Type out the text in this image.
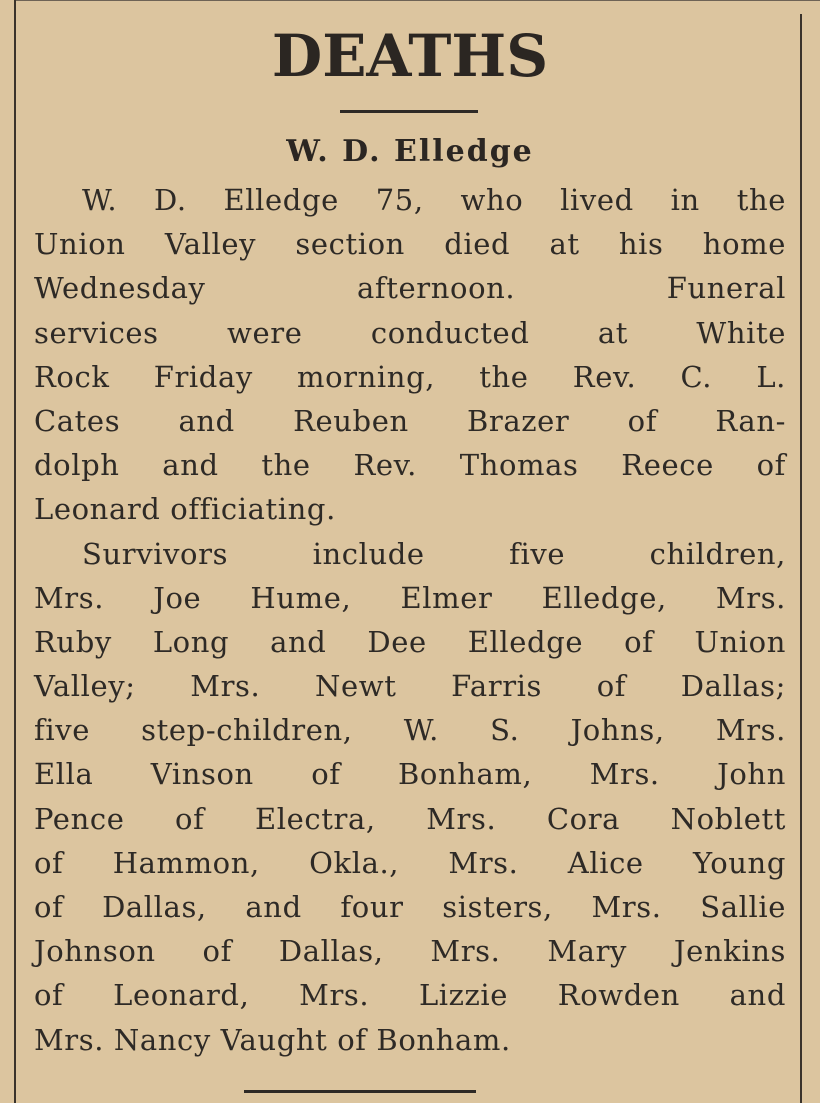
DEATHS
W. D. Elledge
W. D. Elledge 75, who lived in the
Union Valley section died at his home
Wednesday afternoon. Funeral
services were conducted at White
Rock Friday morning, the Rev. C. L.
Cates and Reuben Brazer of Ran-
dolph and the Rev. Thomas Reece of
Leonard officiating.
Survivors include five children,
Mrs. Joe Hume, Elmer Elledge, Mrs.
Ruby Long and Dee Elledge of Union
Valley; Mrs. Newt Farris of Dallas;
five step-children, W. S. Johns, Mrs.
Ella Vinson of Bonham, Mrs. John
Pence of Electra, Mrs. Cora Noblett
of Hammon, Okla., Mrs. Alice Young
of Dallas, and four sisters, Mrs. Sallie
Johnson of Dallas, Mrs. Mary Jenkins
of Leonard, Mrs. Lizzie Rowden and
Mrs. Nancy Vaught of Bonham.
